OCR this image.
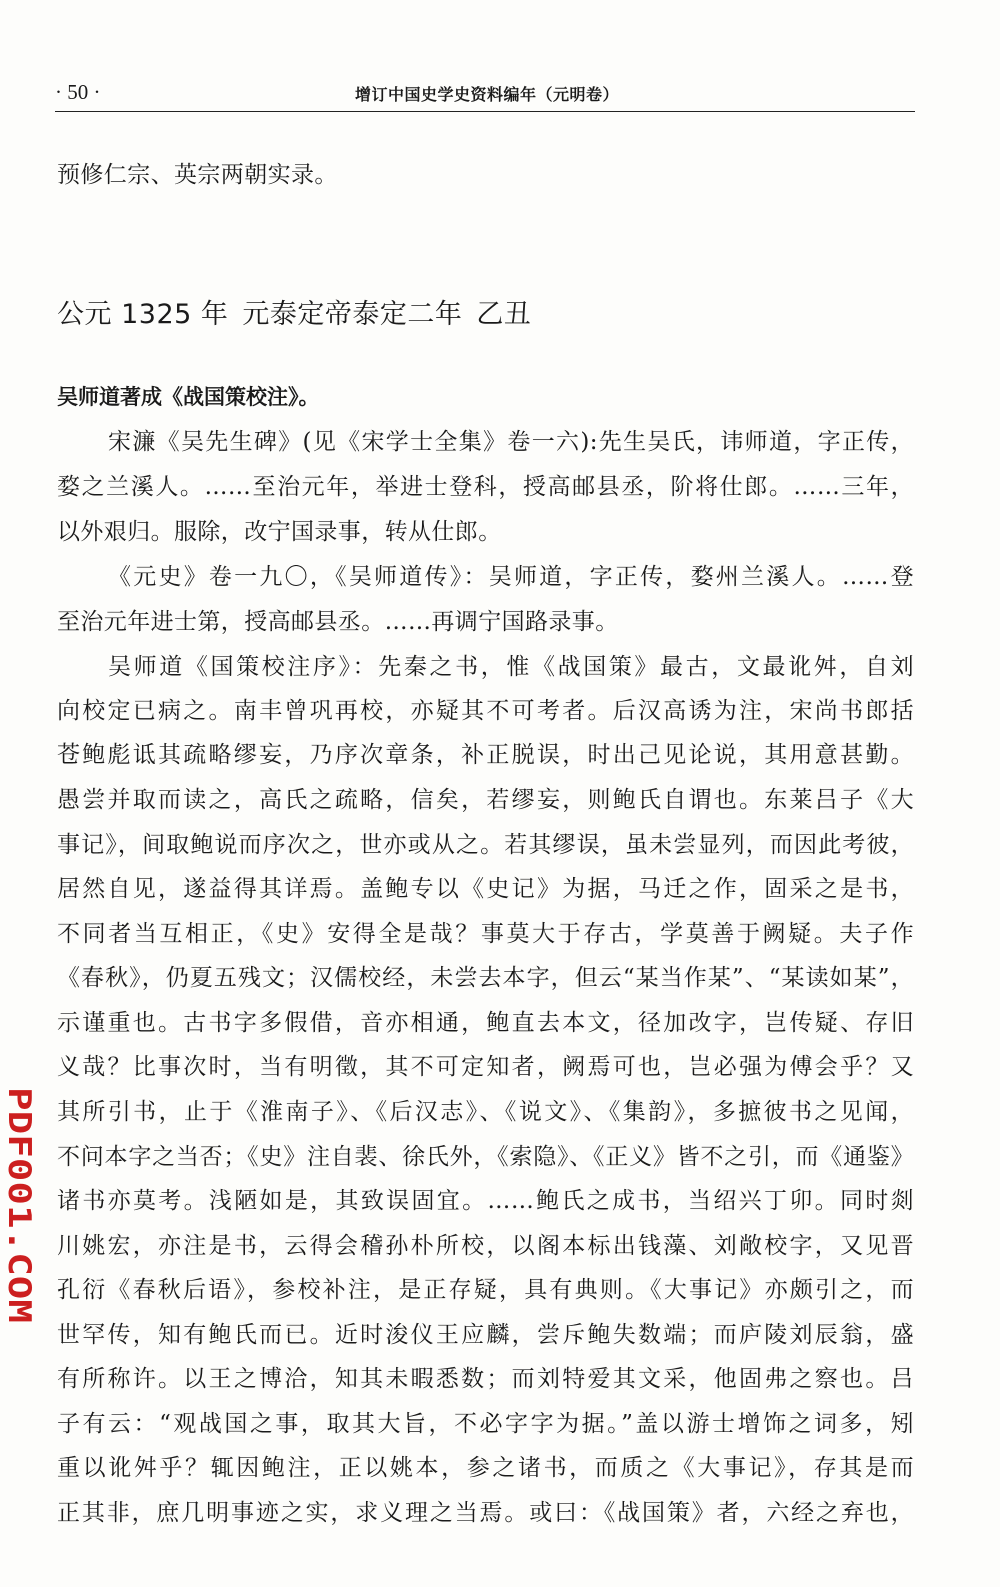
· 50 ·	增订中国史学史资料编年（元明卷）
预修仁宗、英宗两朝实录。
公元 1325 年 元泰定帝泰定二年 乙丑
吴师道著成《战国策校注》。
宋濂《吴先生碑》(见《宋学士全集》卷一六):先生吴氏，讳师道，字正传，
婺之兰溪人。……至治元年，举进士登科，授高邮县丞，阶将仕郎。……三年，
以外艰归。服除，改宁国录事，转从仕郎。
《元史》卷一九〇，《吴师道传》：吴师道，字正传，婺州兰溪人。……登
至治元年进士第，授高邮县丞。……再调宁国路录事。
吴师道《国策校注序》：先秦之书，惟《战国策》最古，文最讹舛，自刘
向校定已病之。南丰曾巩再校，亦疑其不可考者。后汉高诱为注，宋尚书郎括
苍鲍彪诋其疏略缪妄，乃序次章条，补正脱误，时出己见论说，其用意甚勤。
愚尝并取而读之，高氏之疏略，信矣，若缪妄，则鲍氏自谓也。东莱吕子《大
事记》，间取鲍说而序次之，世亦或从之。若其缪误，虽未尝显列，而因此考彼，
居然自见，遂益得其详焉。盖鲍专以《史记》为据，马迁之作，固采之是书，
不同者当互相正，《史》安得全是哉？事莫大于存古，学莫善于阙疑。夫子作
《春秋》，仍夏五残文；汉儒校经，未尝去本字，但云“某当作某”、“某读如某”，
示谨重也。古书字多假借，音亦相通，鲍直去本文，径加改字，岂传疑、存旧
义哉？比事次时，当有明徵，其不可定知者，阙焉可也，岂必强为傅会乎？又
其所引书，止于《淮南子》、《后汉志》、《说文》、《集韵》，多摭彼书之见闻，
不问本字之当否；《史》注自裴、徐氏外，《索隐》、《正义》皆不之引，而《通鉴》
诸书亦莫考。浅陋如是，其致误固宜。……鲍氏之成书，当绍兴丁卯。同时剡
川姚宏，亦注是书，云得会稽孙朴所校，以阁本标出钱藻、刘敞校字，又见晋
孔衍《春秋后语》，参校补注，是正存疑，具有典则。《大事记》亦颇引之，而
世罕传，知有鲍氏而已。近时浚仪王应麟，尝斥鲍失数端；而庐陵刘辰翁，盛
有所称许。以王之博洽，知其未暇悉数；而刘特爱其文采，他固弗之察也。吕
子有云：“观战国之事，取其大旨，不必字字为据。”盖以游士增饰之词多，矧
重以讹舛乎？辄因鲍注，正以姚本，参之诸书，而质之《大事记》，存其是而
正其非，庶几明事迹之实，求义理之当焉。或曰：《战国策》者，六经之弃也，
PDF001.COM
